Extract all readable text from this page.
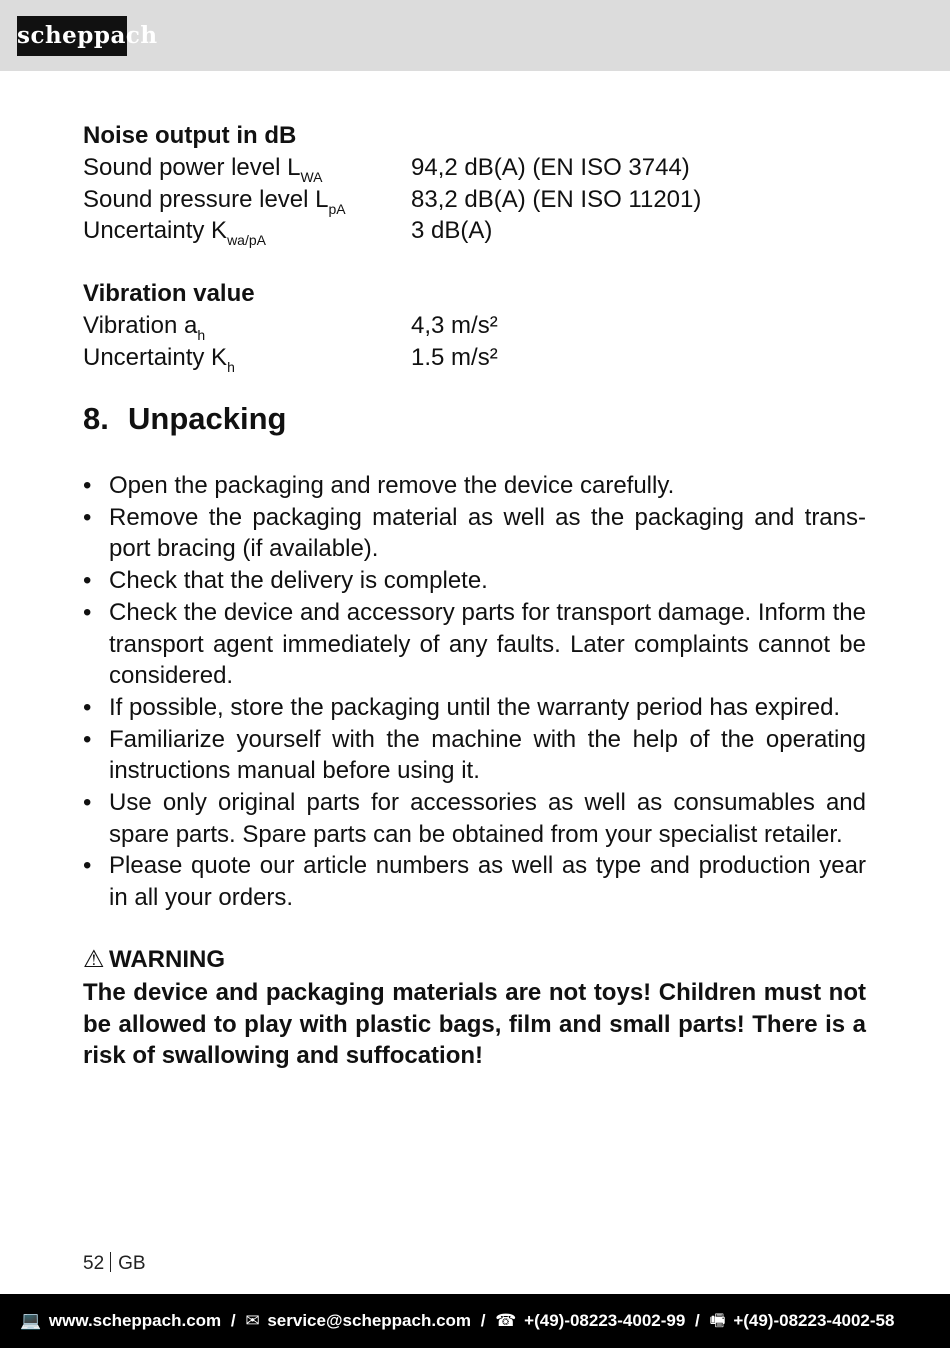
scheppach
Noise output in dB
Sound power level $L_{WA}$	94,2 dB(A) (EN ISO 3744)
Sound pressure level $L_{pA}$	83,2 dB(A) (EN ISO 11201)
Uncertainty $K_{wa/pA}$	3 dB(A)
Vibration value
Vibration $a_h$	4,3 m/s²
Uncertainty $K_h$	1.5 m/s²
8. Unpacking
• Open the packaging and remove the device carefully.
• Remove the packaging material as well as the packaging and trans-port bracing (if available).
• Check that the delivery is complete.
• Check the device and accessory parts for transport damage. Inform the transport agent immediately of any faults. Later complaints cannot be considered.
• If possible, store the packaging until the warranty period has expired.
• Familiarize yourself with the machine with the help of the operating instructions manual before using it.
• Use only original parts for accessories as well as consumables and spare parts. Spare parts can be obtained from your specialist retailer.
• Please quote our article numbers as well as type and production year in all your orders.
⚠ WARNING
The device and packaging materials are not toys! Children must not be allowed to play with plastic bags, film and small parts! There is a risk of swallowing and suffocation!
52 GB
💻 www.scheppach.com / ✉ service@scheppach.com / ☎ +(49)-08223-4002-99 / 🖷 +(49)-08223-4002-58
